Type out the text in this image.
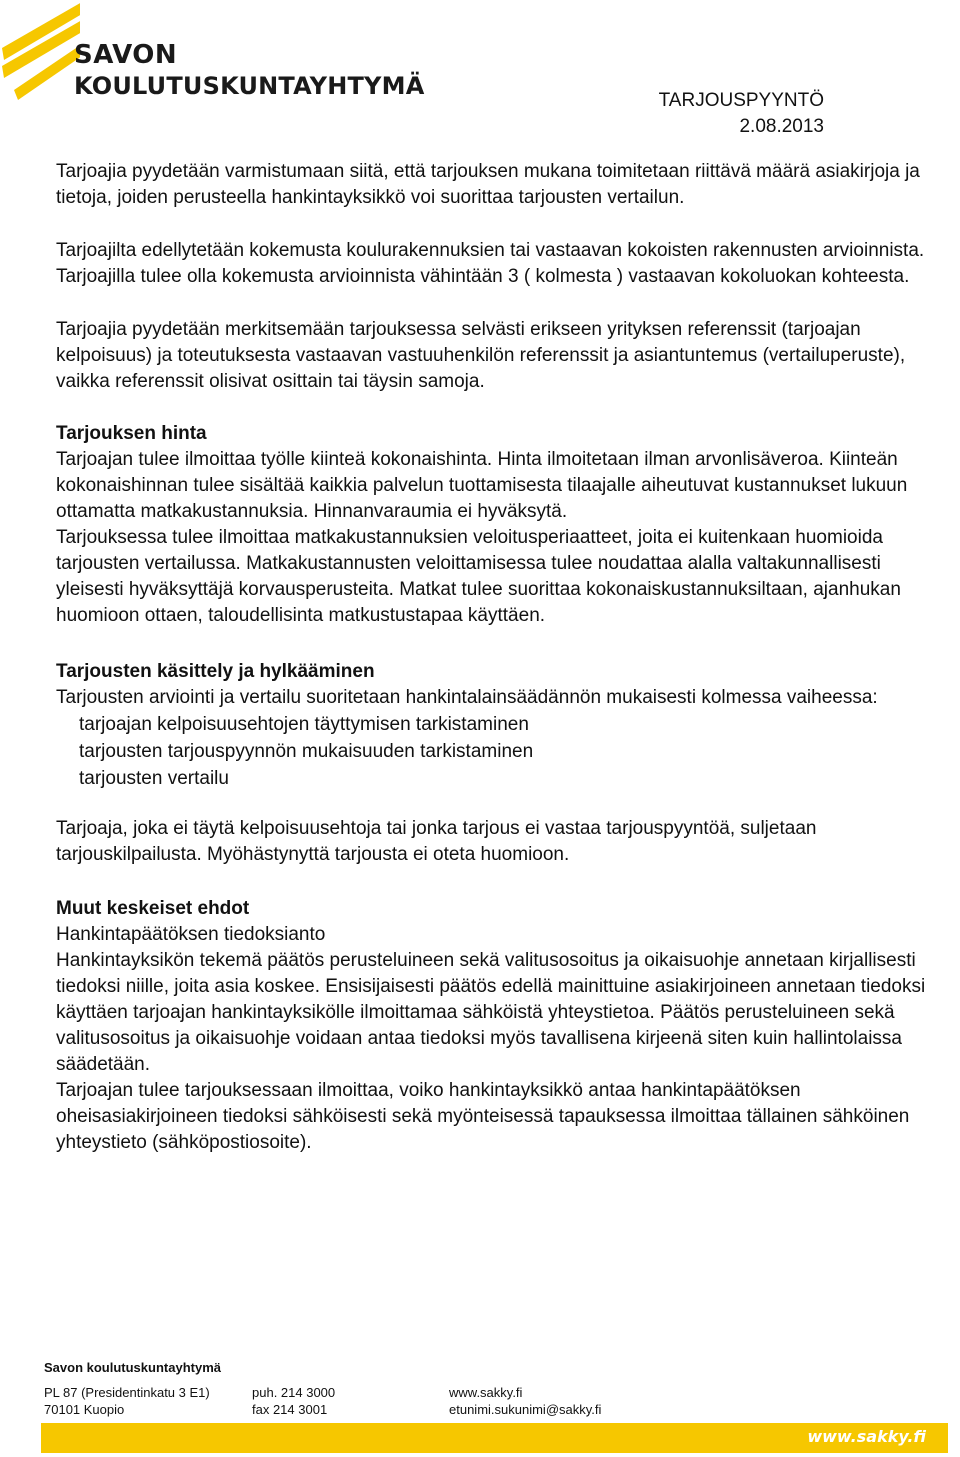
SAVON
KOULUTUSKUNTAYHTYMÄ
TARJOUSPYYNTÖ
2.08.2013

Tarjoajia pyydetään varmistumaan siitä, että tarjouksen mukana toimitetaan riittävä määrä asiakirjoja ja tietoja, joiden perusteella hankintayksikkö voi suorittaa tarjousten vertailun.

Tarjoajilta edellytetään kokemusta koulurakennuksien tai vastaavan kokoisten rakennusten arvioinnista. Tarjoajilla tulee olla kokemusta arvioinnista vähintään 3 ( kolmesta ) vastaavan kokoluokan kohteesta.

Tarjoajia pyydetään merkitsemään tarjouksessa selvästi erikseen yrityksen referenssit (tarjoajan kelpoisuus) ja toteutuksesta vastaavan vastuuhenkilön referenssit ja asiantuntemus (vertailuperuste), vaikka referenssit olisivat osittain tai täysin samoja.

Tarjouksen hinta

Tarjoajan tulee ilmoittaa työlle kiinteä kokonaishinta. Hinta ilmoitetaan ilman arvonlisäveroa. Kiinteän kokonaishinnan tulee sisältää kaikkia palvelun tuottamisesta tilaajalle aiheutuvat kustannukset lukuun ottamatta matkakustannuksia. Hinnanvaraumia ei hyväksytä.

Tarjouksessa tulee ilmoittaa matkakustannuksien veloitusperiaatteet, joita ei kuitenkaan huomioida tarjousten vertailussa. Matkakustannusten veloittamisessa tulee noudattaa alalla valtakunnallisesti yleisesti hyväksyttäjä korvausperusteita. Matkat tulee suorittaa kokonaiskustannuksiltaan, ajanhukan huomioon ottaen, taloudellisinta matkustustapaa käyttäen.

Tarjousten käsittely ja hylkääminen

Tarjousten arviointi ja vertailu suoritetaan hankintalainsäädännön mukaisesti kolmessa vaiheessa:

tarjoajan kelpoisuusehtojen täyttymisen tarkistaminen
tarjousten tarjouspyynnön mukaisuuden tarkistaminen
tarjousten vertailu

Tarjoaja, joka ei täytä kelpoisuusehtoja tai jonka tarjous ei vastaa tarjouspyyntöä, suljetaan tarjouskilpailusta. Myöhästynyttä tarjousta ei oteta huomioon.

Muut keskeiset ehdot

Hankintapäätöksen tiedoksianto

Hankintayksikön tekemä päätös perusteluineen sekä valitusosoitus ja oikaisuohje annetaan kirjallisesti tiedoksi niille, joita asia koskee. Ensisijaisesti päätös edellä mainittuine asiakirjoineen annetaan tiedoksi käyttäen tarjoajan hankintayksikölle ilmoittamaa sähköistä yhteystietoa. Päätös perusteluineen sekä valitusosoitus ja oikaisuohje voidaan antaa tiedoksi myös tavallisena kirjeenä siten kuin hallintolaissa säädetään.

Tarjoajan tulee tarjouksessaan ilmoittaa, voiko hankintayksikkö antaa hankintapäätöksen oheisasiakirjoineen tiedoksi sähköisesti sekä myönteisessä tapauksessa ilmoittaa tällainen sähköinen yhteystieto (sähköpostiosoite).

Savon koulutuskuntayhtymä
PL 87 (Presidentinkatu 3 E1)
70101 Kuopio
puh. 214 3000
fax 214 3001
www.sakky.fi
etunimi.sukunimi@sakky.fi
www.sakky.fi
